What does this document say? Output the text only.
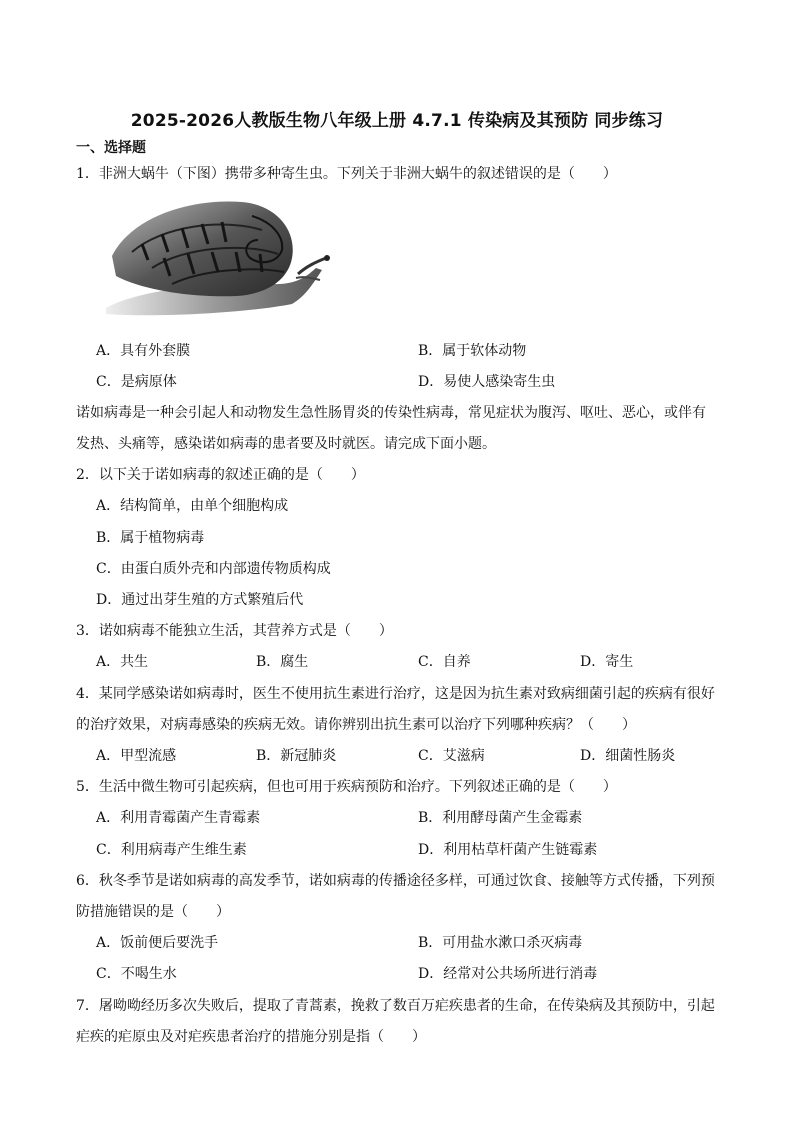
2025-2026人教版生物八年级上册 4.7.1 传染病及其预防 同步练习
一、选择题
1．非洲大蜗牛（下图）携带多种寄生虫。下列关于非洲大蜗牛的叙述错误的是（　　）
A．具有外套膜	B．属于软体动物
C．是病原体	D．易使人感染寄生虫
诺如病毒是一种会引起人和动物发生急性肠胃炎的传染性病毒，常见症状为腹泻、呕吐、恶心，或伴有
发热、头痛等，感染诺如病毒的患者要及时就医。请完成下面小题。
2．以下关于诺如病毒的叙述正确的是（　　）
A．结构简单，由单个细胞构成
B．属于植物病毒
C．由蛋白质外壳和内部遗传物质构成
D．通过出芽生殖的方式繁殖后代
3．诺如病毒不能独立生活，其营养方式是（　　）
A．共生	B．腐生	C．自养	D．寄生
4．某同学感染诺如病毒时，医生不使用抗生素进行治疗，这是因为抗生素对致病细菌引起的疾病有很好
的治疗效果，对病毒感染的疾病无效。请你辨别出抗生素可以治疗下列哪种疾病？（　　）
A．甲型流感	B．新冠肺炎	C．艾滋病	D．细菌性肠炎
5．生活中微生物可引起疾病，但也可用于疾病预防和治疗。下列叙述正确的是（　　）
A．利用青霉菌产生青霉素	B．利用酵母菌产生金霉素
C．利用病毒产生维生素	D．利用枯草杆菌产生链霉素
6．秋冬季节是诺如病毒的高发季节，诺如病毒的传播途径多样，可通过饮食、接触等方式传播，下列预
防措施错误的是（　　）
A．饭前便后要洗手	B．可用盐水漱口杀灭病毒
C．不喝生水	D．经常对公共场所进行消毒
7．屠呦呦经历多次失败后，提取了青蒿素，挽救了数百万疟疾患者的生命，在传染病及其预防中，引起
疟疾的疟原虫及对疟疾患者治疗的措施分别是指（　　）
